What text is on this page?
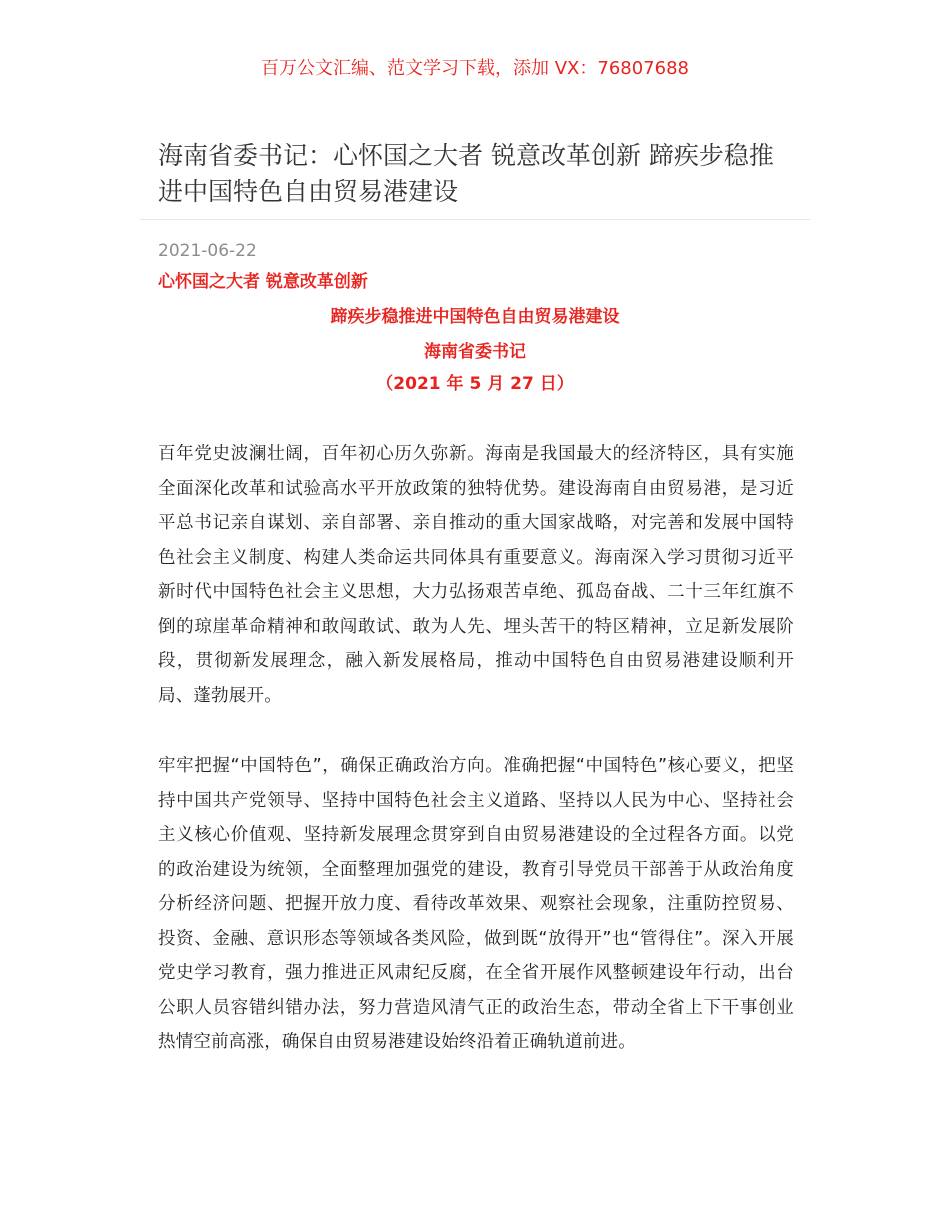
百万公文汇编、范文学习下载，添加 VX：76807688
海南省委书记：心怀国之大者 锐意改革创新 蹄疾步稳推进中国特色自由贸易港建设
2021-06-22
心怀国之大者 锐意改革创新
蹄疾步稳推进中国特色自由贸易港建设
海南省委书记
（2021 年 5 月 27 日）

百年党史波澜壮阔，百年初心历久弥新。海南是我国最大的经济特区，具有实施全面深化改革和试验高水平开放政策的独特优势。建设海南自由贸易港，是习近平总书记亲自谋划、亲自部署、亲自推动的重大国家战略，对完善和发展中国特色社会主义制度、构建人类命运共同体具有重要意义。海南深入学习贯彻习近平新时代中国特色社会主义思想，大力弘扬艰苦卓绝、孤岛奋战、二十三年红旗不倒的琼崖革命精神和敢闯敢试、敢为人先、埋头苦干的特区精神，立足新发展阶段，贯彻新发展理念，融入新发展格局，推动中国特色自由贸易港建设顺利开局、蓬勃展开。

牢牢把握“中国特色”，确保正确政治方向。准确把握“中国特色”核心要义，把坚持中国共产党领导、坚持中国特色社会主义道路、坚持以人民为中心、坚持社会主义核心价值观、坚持新发展理念贯穿到自由贸易港建设的全过程各方面。以党的政治建设为统领，全面整理加强党的建设，教育引导党员干部善于从政治角度分析经济问题、把握开放力度、看待改革效果、观察社会现象，注重防控贸易、投资、金融、意识形态等领域各类风险，做到既“放得开”也“管得住”。深入开展党史学习教育，强力推进正风肃纪反腐，在全省开展作风整顿建设年行动，出台公职人员容错纠错办法，努力营造风清气正的政治生态，带动全省上下干事创业热情空前高涨，确保自由贸易港建设始终沿着正确轨道前进。
